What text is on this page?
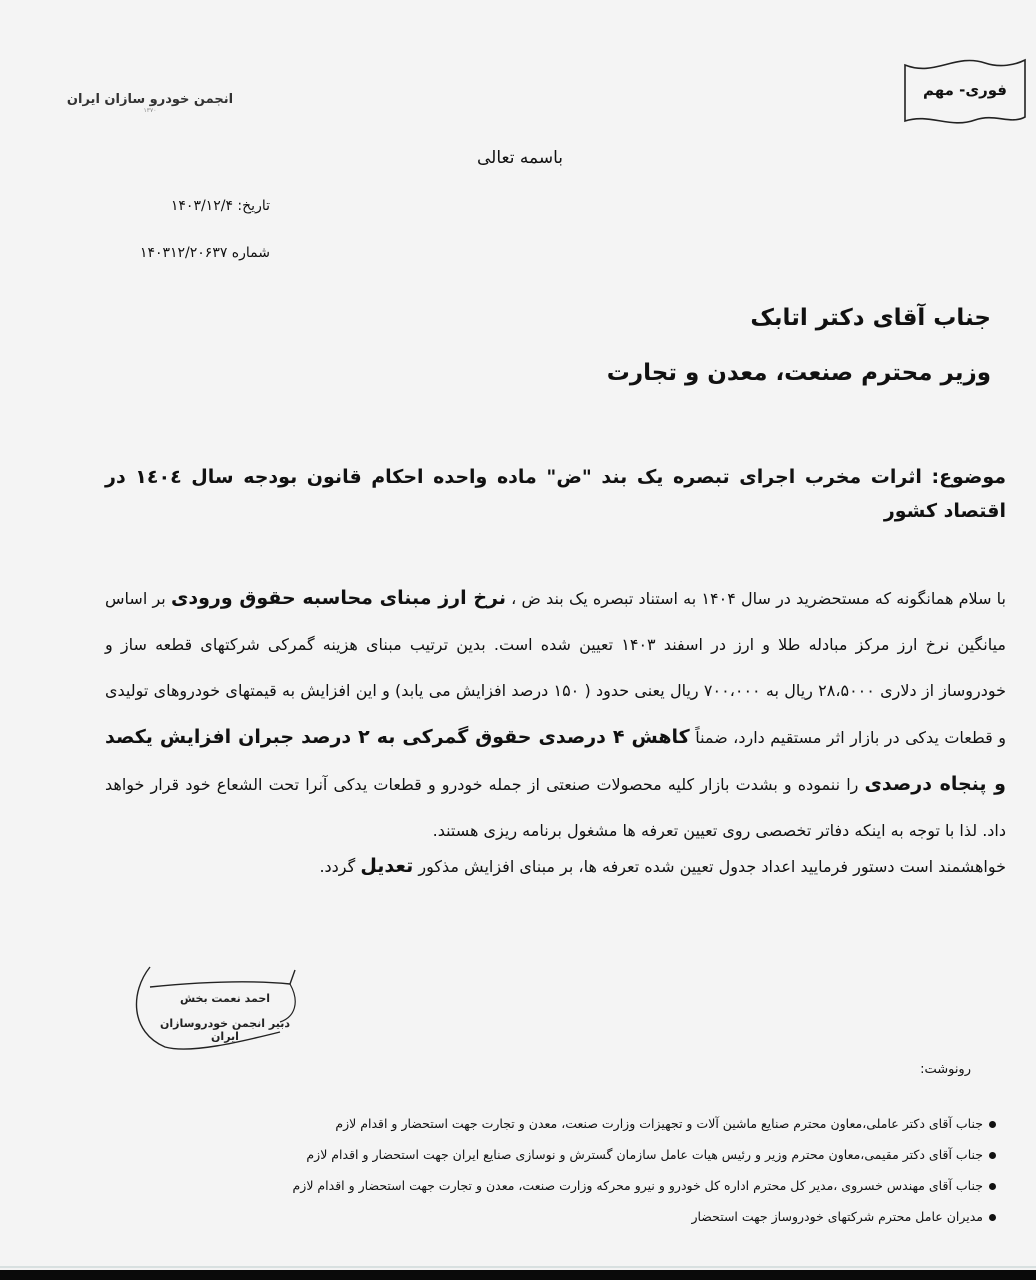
فوری- مهم
انجمن خودرو سازان ایران
۱۳۷۰
باسمه تعالی
تاریخ: ۱۴۰۳/۱۲/۴
شماره ۱۴۰۳۱۲/۲۰۶۳۷
جناب آقای دکتر اتابک
وزیر محترم صنعت، معدن و تجارت
موضوع: اثرات مخرب اجرای تبصره یک بند "ض" ماده واحده احکام قانون بودجه سال ۱٤۰٤ در اقتصاد کشور

با سلام همانگونه که مستحضرید در سال ۱۴۰۴ به استناد تبصره یک بند ض ، نرخ ارز مبنای محاسبه حقوق ورودی بر اساس میانگین نرخ ارز مرکز مبادله طلا و ارز در اسفند ۱۴۰۳ تعیین شده است. بدین ترتیب مبنای هزینه گمرکی شرکتهای قطعه ساز و خودروساز از دلاری ۲۸،۵۰۰۰ ریال به ۷۰۰،۰۰۰ ریال یعنی حدود ( ۱۵۰ درصد افزایش می یابد) و این افزایش به قیمتهای خودروهای تولیدی و قطعات یدکی در بازار اثر مستقیم دارد، ضمناً کاهش ۴ درصدی حقوق گمرکی به ۲ درصد جبران افزایش یکصد و پنجاه درصدی را ننموده و بشدت بازار کلیه محصولات صنعتی از جمله خودرو و قطعات یدکی آنرا تحت الشعاع خود قرار خواهد داد. لذا با توجه به اینکه دفاتر تخصصی روی تعیین تعرفه ها مشغول برنامه ریزی هستند.

خواهشمند است دستور فرمایید اعداد جدول تعیین شده تعرفه ها، بر مبنای افزایش مذکور تعدیل گردد.

احمد نعمت بخش
دبیر انجمن خودروسازان ایران
رونوشت:
جناب آقای دکتر عاملی،معاون محترم صنایع ماشین آلات و تجهیزات وزارت صنعت، معدن و تجارت جهت استحضار و اقدام لازم
جناب آقای دکتر مقیمی،معاون محترم وزیر و رئیس هیات عامل سازمان گسترش و نوسازی صنایع ایران جهت استحضار و اقدام لازم
جناب آقای مهندس خسروی ،مدیر کل محترم اداره کل خودرو و نیرو محرکه وزارت صنعت، معدن و تجارت جهت استحضار و اقدام لازم
مدیران عامل محترم شرکتهای خودروساز جهت استحضار
